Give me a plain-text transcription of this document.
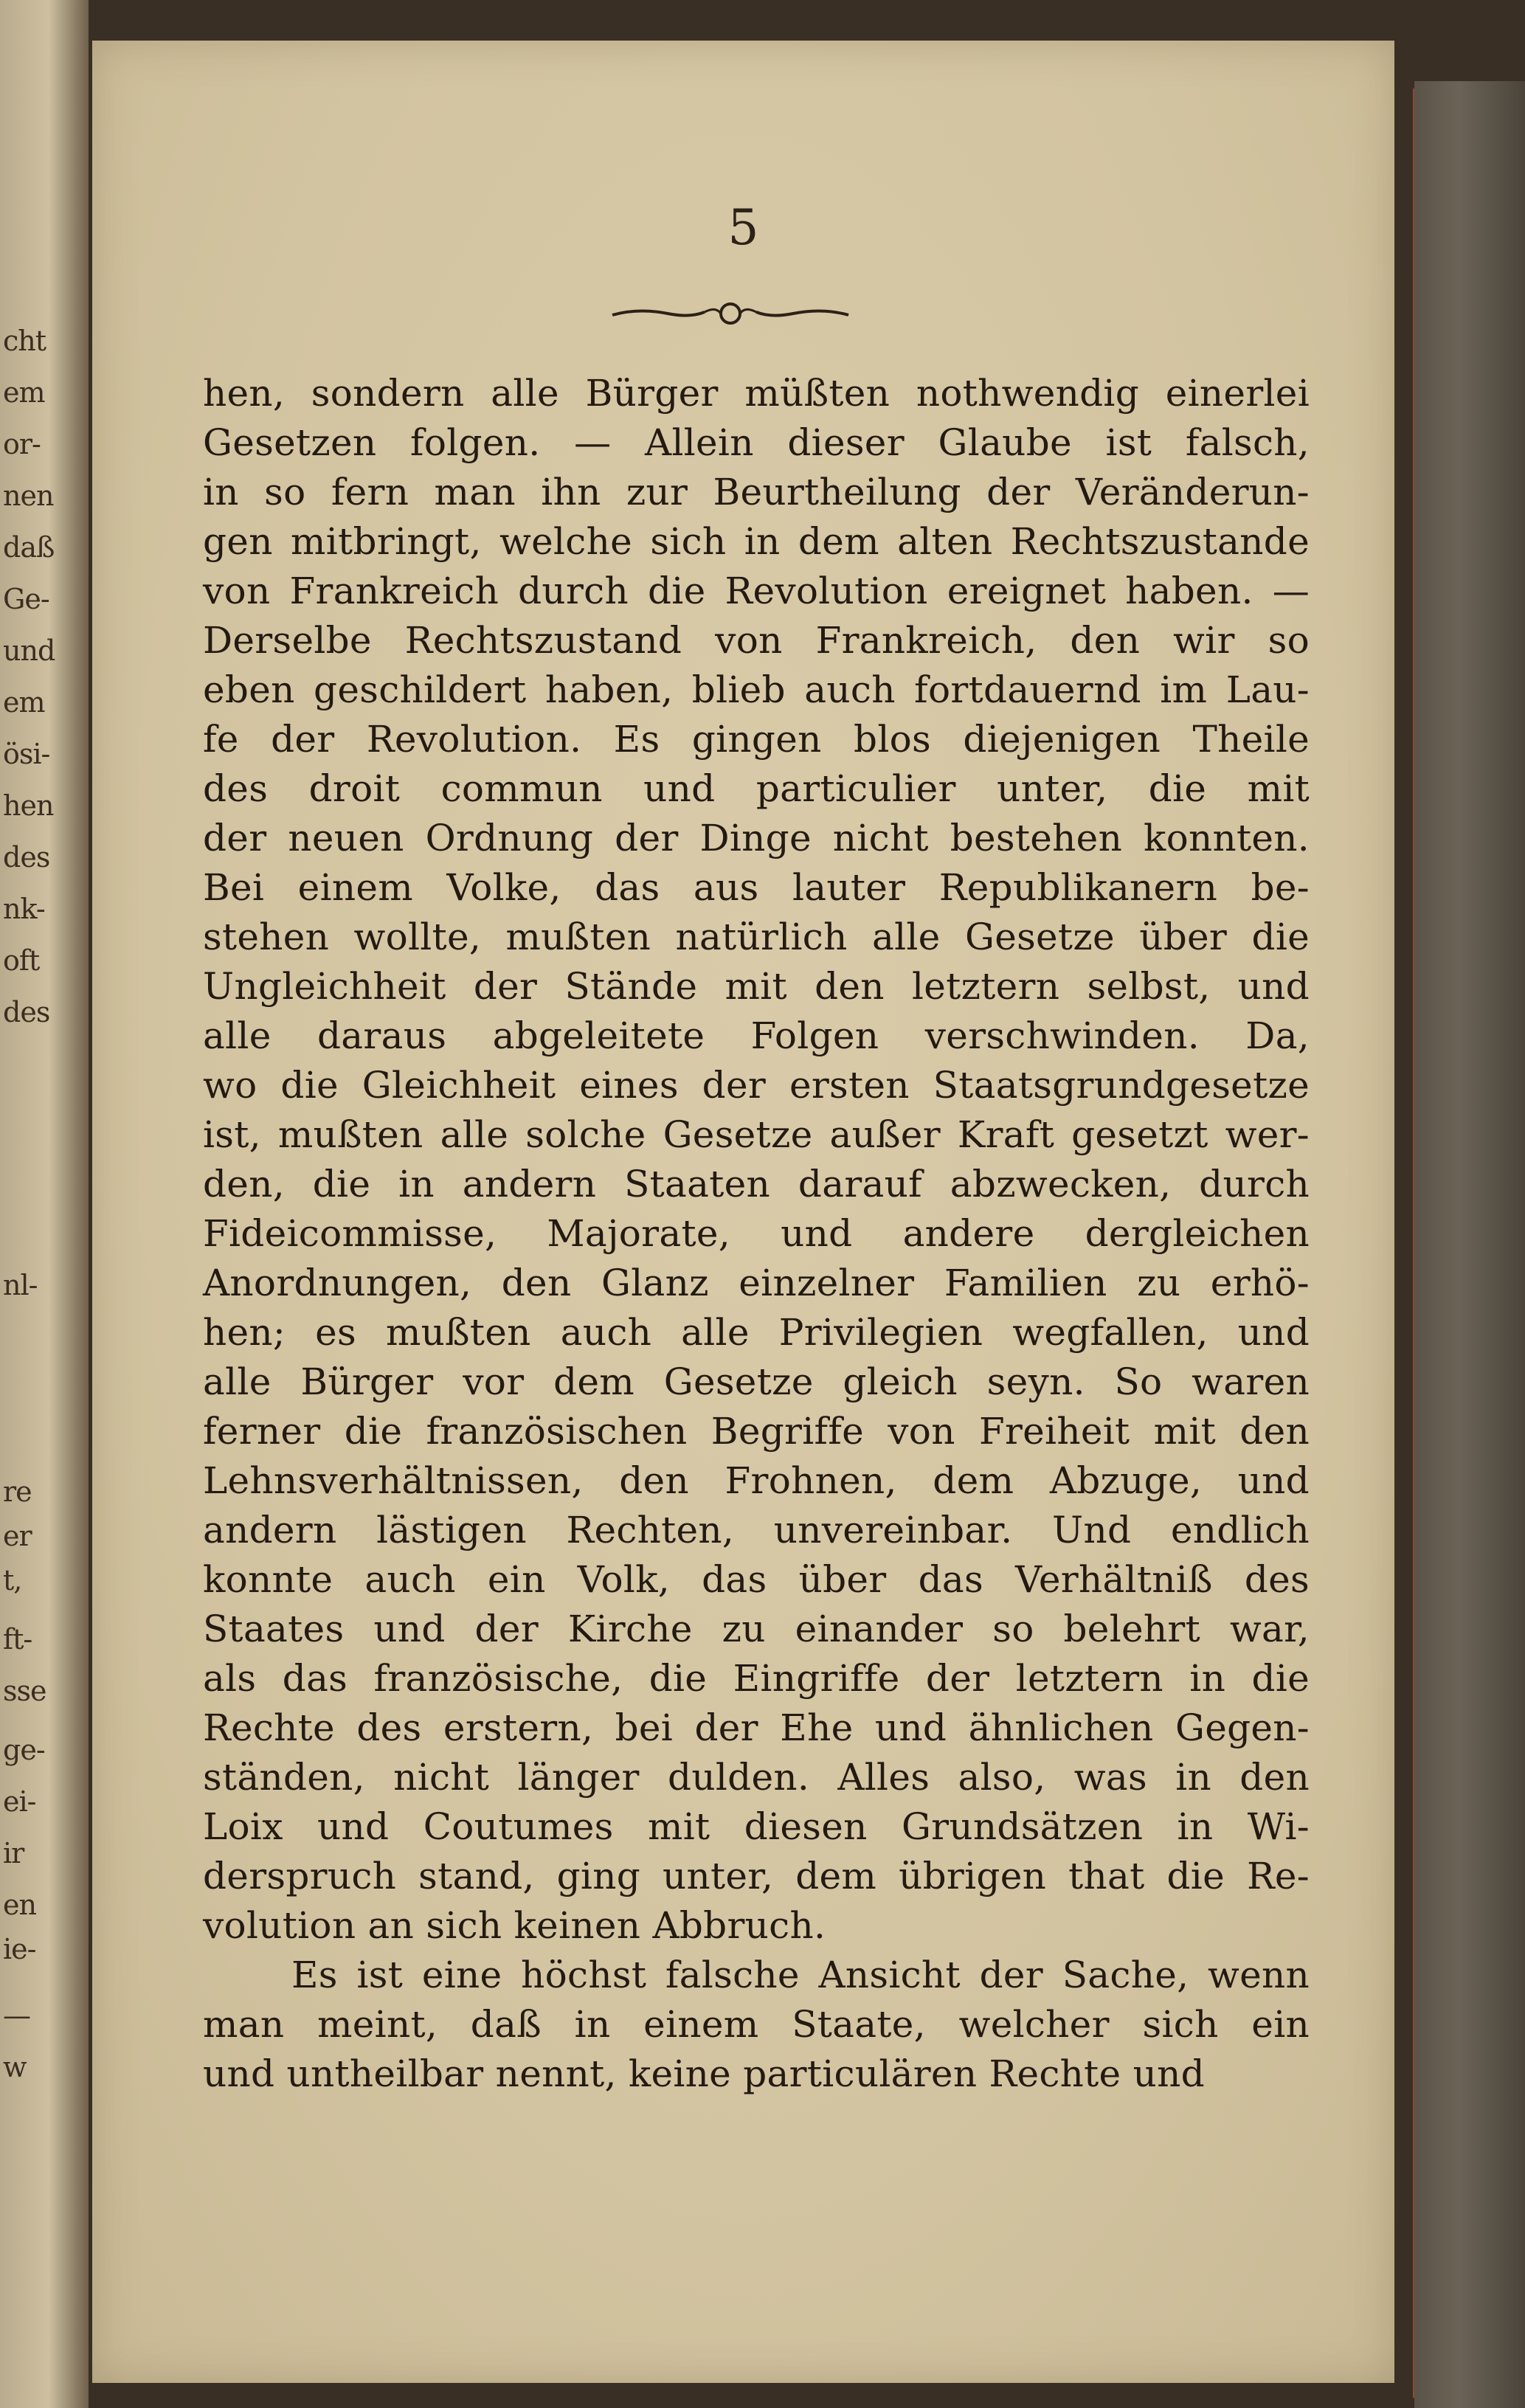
cht
em
or-
nen
daß
Ge-
und
em
ösi-
hen
des
nk-
oft
des
nl-
re
er
t,
ft-
sse
ge-
ei-
ir
en
ie-
—
w
5
hen, sondern alle Bürger müßten nothwendig einerlei
Gesetzen folgen. — Allein dieser Glaube ist falsch,
in so fern man ihn zur Beurtheilung der Veränderun-
gen mitbringt, welche sich in dem alten Rechtszustande
von Frankreich durch die Revolution ereignet haben. —
Derselbe Rechtszustand von Frankreich, den wir so
eben geschildert haben, blieb auch fortdauernd im Lau-
fe der Revolution. Es gingen blos diejenigen Theile
des droit commun und particulier unter, die mit
der neuen Ordnung der Dinge nicht bestehen konnten.
Bei einem Volke, das aus lauter Republikanern be-
stehen wollte, mußten natürlich alle Gesetze über die
Ungleichheit der Stände mit den letztern selbst, und
alle daraus abgeleitete Folgen verschwinden. Da,
wo die Gleichheit eines der ersten Staatsgrundgesetze
ist, mußten alle solche Gesetze außer Kraft gesetzt wer-
den, die in andern Staaten darauf abzwecken, durch
Fideicommisse, Majorate, und andere dergleichen
Anordnungen, den Glanz einzelner Familien zu erhö-
hen; es mußten auch alle Privilegien wegfallen, und
alle Bürger vor dem Gesetze gleich seyn. So waren
ferner die französischen Begriffe von Freiheit mit den
Lehnsverhältnissen, den Frohnen, dem Abzuge, und
andern lästigen Rechten, unvereinbar. Und endlich
konnte auch ein Volk, das über das Verhältniß des
Staates und der Kirche zu einander so belehrt war,
als das französische, die Eingriffe der letztern in die
Rechte des erstern, bei der Ehe und ähnlichen Gegen-
ständen, nicht länger dulden. Alles also, was in den
Loix und Coutumes mit diesen Grundsätzen in Wi-
derspruch stand, ging unter, dem übrigen that die Re-
volution an sich keinen Abbruch.
Es ist eine höchst falsche Ansicht der Sache, wenn
man meint, daß in einem Staate, welcher sich ein
und untheilbar nennt, keine particulären Rechte und
